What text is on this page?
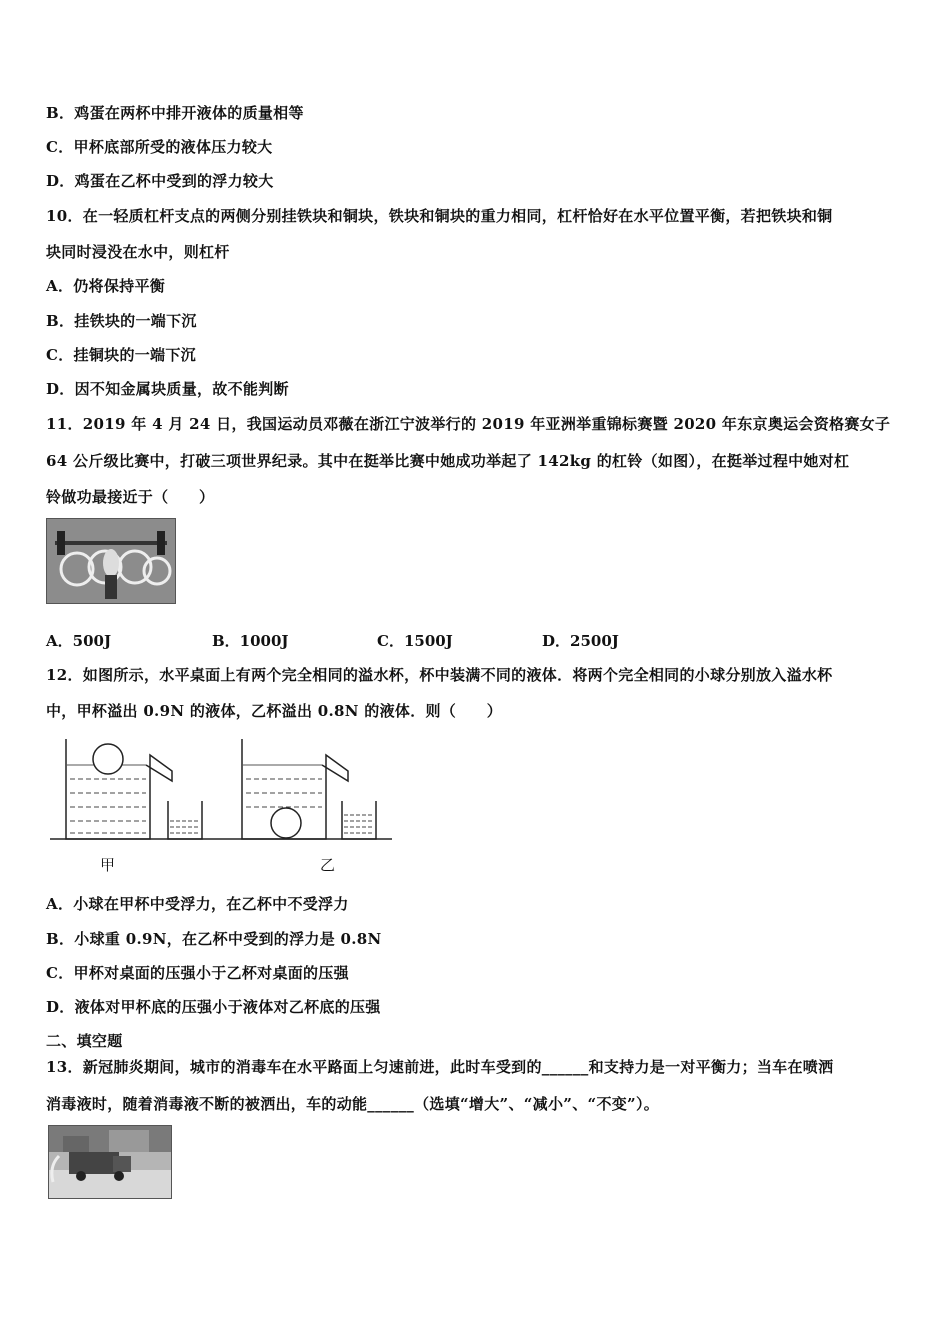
B．鸡蛋在两杯中排开液体的质量相等
C．甲杯底部所受的液体压力较大
D．鸡蛋在乙杯中受到的浮力较大
10．在一轻质杠杆支点的两侧分别挂铁块和铜块，铁块和铜块的重力相同，杠杆恰好在水平位置平衡，若把铁块和铜
块同时浸没在水中，则杠杆
A．仍将保持平衡
B．挂铁块的一端下沉
C．挂铜块的一端下沉
D．因不知金属块质量，故不能判断
11．2019 年 4 月 24 日，我国运动员邓薇在浙江宁波举行的 2019 年亚洲举重锦标赛暨 2020 年东京奥运会资格赛女子
64 公斤级比赛中，打破三项世界纪录。其中在挺举比赛中她成功举起了 142kg 的杠铃（如图），在挺举过程中她对杠
铃做功最接近于（　　）
A．500J	B．1000J	C．1500J	D．2500J
12．如图所示，水平桌面上有两个完全相同的溢水杯，杯中装满不同的液体．将两个完全相同的小球分别放入溢水杯
中，甲杯溢出 0.9N 的液体，乙杯溢出 0.8N 的液体．则（　　）
甲	乙
A．小球在甲杯中受浮力，在乙杯中不受浮力
B．小球重 0.9N，在乙杯中受到的浮力是 0.8N
C．甲杯对桌面的压强小于乙杯对桌面的压强
D．液体对甲杯底的压强小于液体对乙杯底的压强
二、填空题
13．新冠肺炎期间，城市的消毒车在水平路面上匀速前进，此时车受到的______和支持力是一对平衡力；当车在喷洒
消毒液时，随着消毒液不断的被洒出，车的动能______（选填“增大”、“减小”、“不变”）。
